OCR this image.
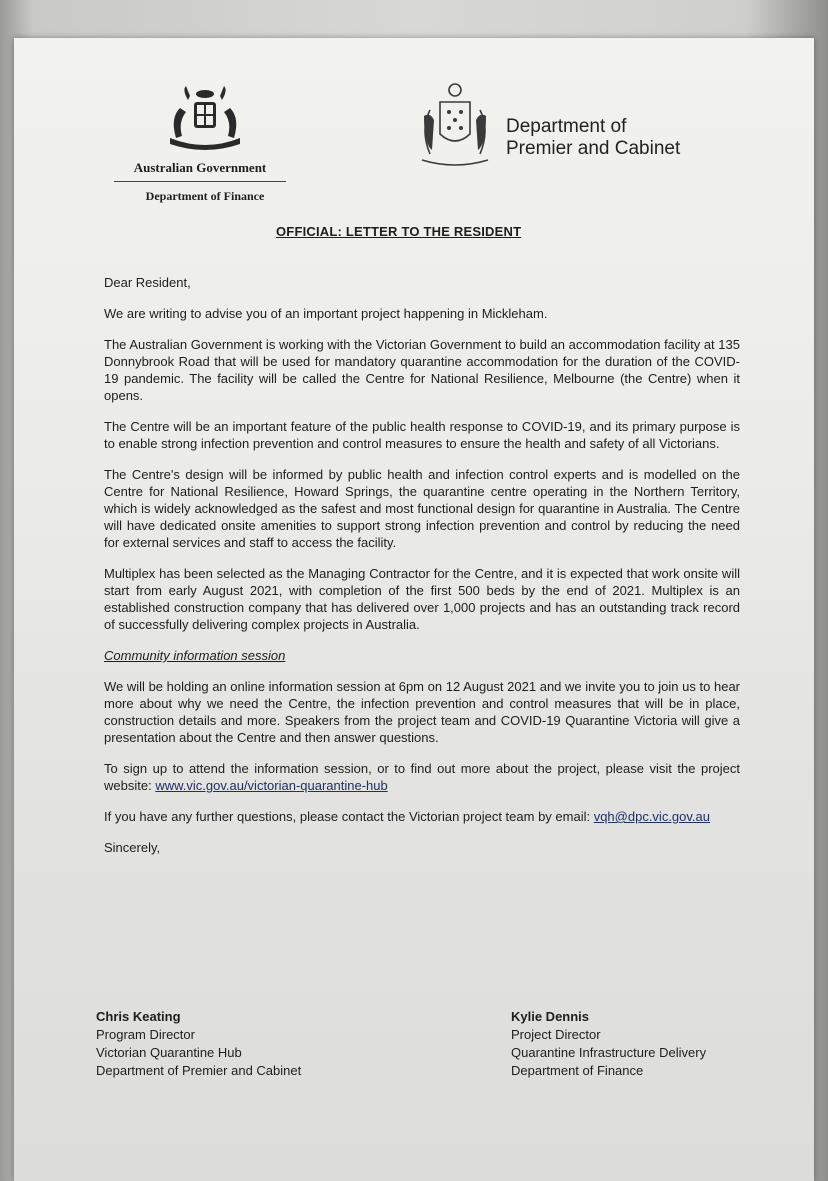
Australian Government
Department of Finance
Department of
Premier and Cabinet
OFFICIAL: LETTER TO THE RESIDENT

Dear Resident,

We are writing to advise you of an important project happening in Mickleham.

The Australian Government is working with the Victorian Government to build an accommodation facility at 135 Donnybrook Road that will be used for mandatory quarantine accommodation for the duration of the COVID-19 pandemic. The facility will be called the Centre for National Resilience, Melbourne (the Centre) when it opens.

The Centre will be an important feature of the public health response to COVID-19, and its primary purpose is to enable strong infection prevention and control measures to ensure the health and safety of all Victorians.

The Centre's design will be informed by public health and infection control experts and is modelled on the Centre for National Resilience, Howard Springs, the quarantine centre operating in the Northern Territory, which is widely acknowledged as the safest and most functional design for quarantine in Australia. The Centre will have dedicated onsite amenities to support strong infection prevention and control by reducing the need for external services and staff to access the facility.

Multiplex has been selected as the Managing Contractor for the Centre, and it is expected that work onsite will start from early August 2021, with completion of the first 500 beds by the end of 2021. Multiplex is an established construction company that has delivered over 1,000 projects and has an outstanding track record of successfully delivering complex projects in Australia.

Community information session

We will be holding an online information session at 6pm on 12 August 2021 and we invite you to join us to hear more about why we need the Centre, the infection prevention and control measures that will be in place, construction details and more. Speakers from the project team and COVID-19 Quarantine Victoria will give a presentation about the Centre and then answer questions.

To sign up to attend the information session, or to find out more about the project, please visit the project website: www.vic.gov.au/victorian-quarantine-hub

If you have any further questions, please contact the Victorian project team by email: vqh@dpc.vic.gov.au

Sincerely,

Chris Keating
Program Director
Victorian Quarantine Hub
Department of Premier and Cabinet
Kylie Dennis
Project Director
Quarantine Infrastructure Delivery
Department of Finance
